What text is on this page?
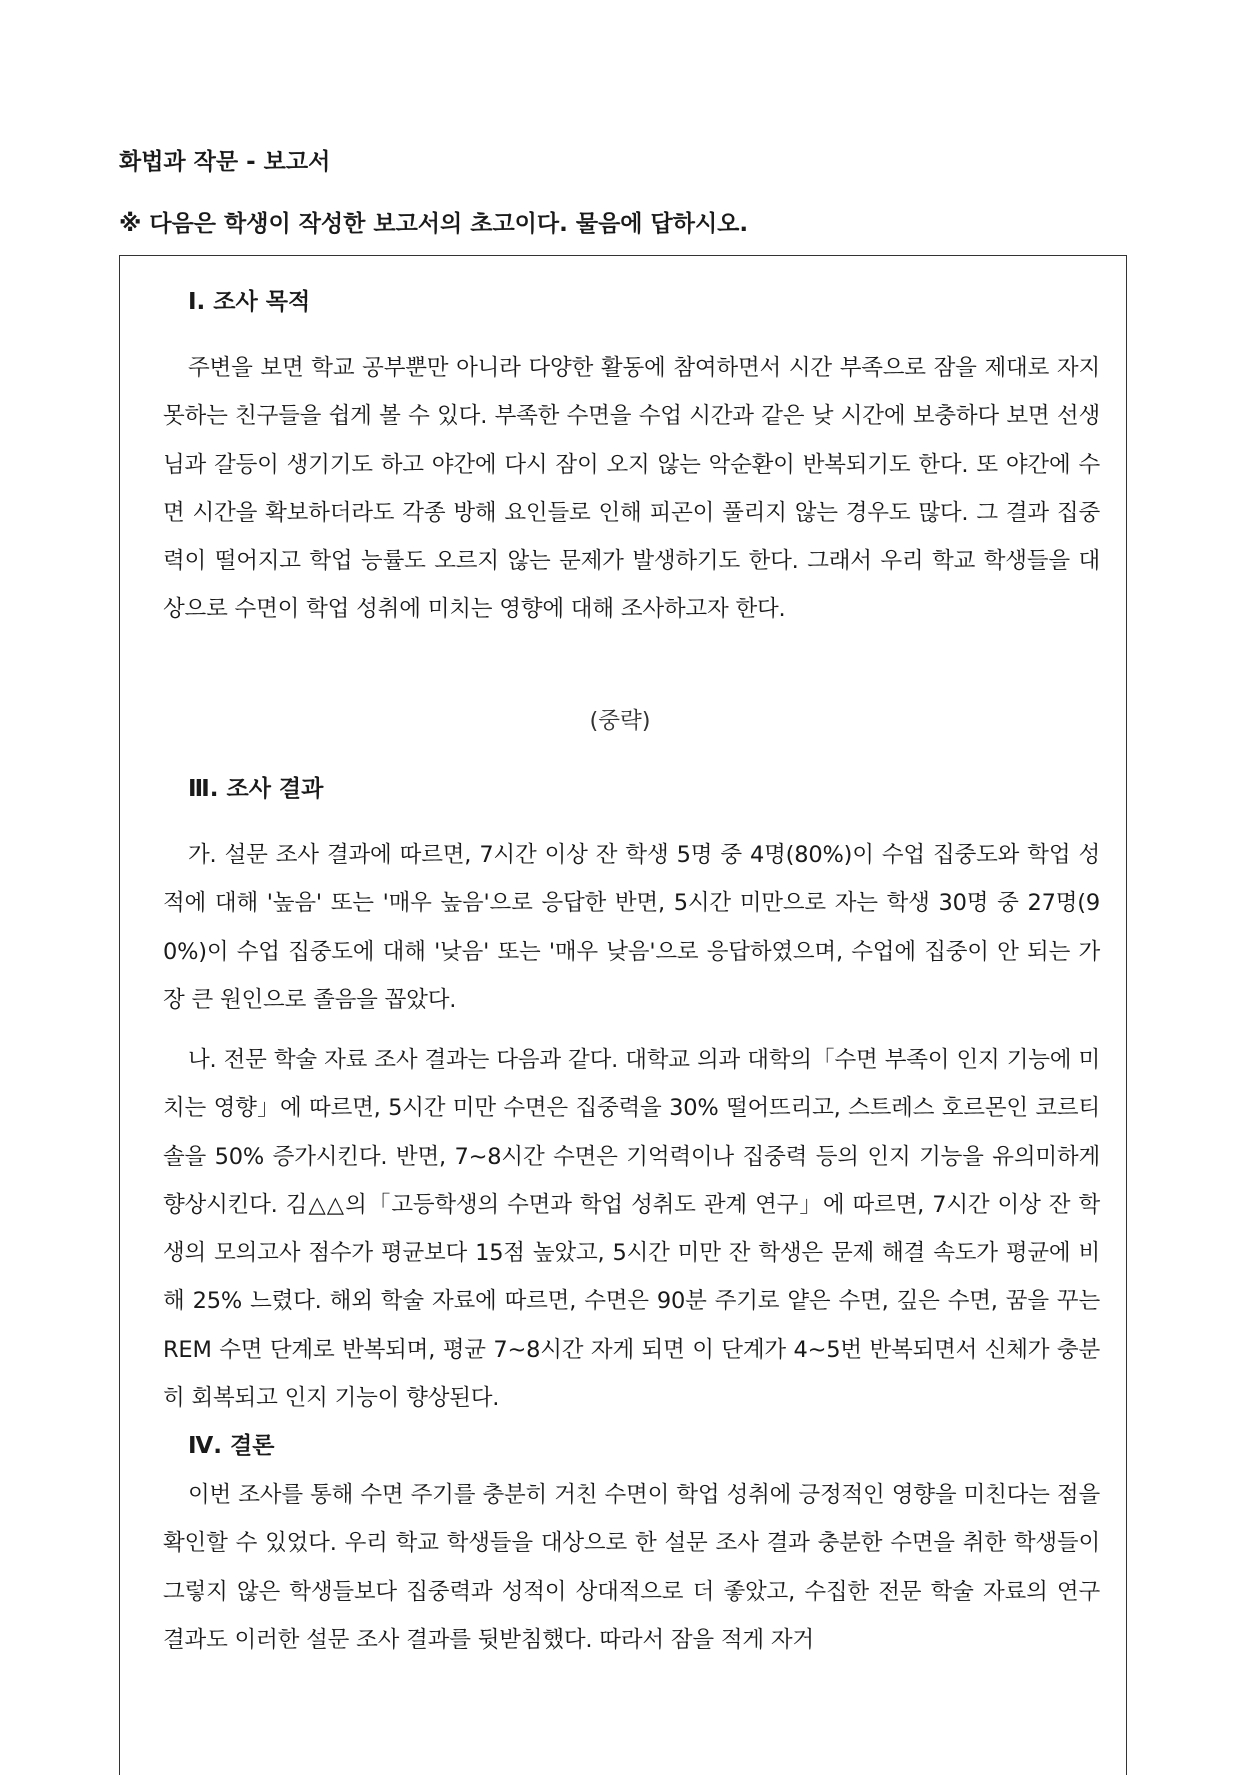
화법과 작문 - 보고서
※ 다음은 학생이 작성한 보고서의 초고이다. 물음에 답하시오.
Ⅰ. 조사 목적
주변을 보면 학교 공부뿐만 아니라 다양한 활동에 참여하면서 시간 부족으로 잠을 제대로 자지 못하는 친구들을 쉽게 볼 수 있다. 부족한 수면을 수업 시간과 같은 낮 시간에 보충하다 보면 선생님과 갈등이 생기기도 하고 야간에 다시 잠이 오지 않는 악순환이 반복되기도 한다. 또 야간에 수면 시간을 확보하더라도 각종 방해 요인들로 인해 피곤이 풀리지 않는 경우도 많다. 그 결과 집중력이 떨어지고 학업 능률도 오르지 않는 문제가 발생하기도 한다. 그래서 우리 학교 학생들을 대상으로 수면이 학업 성취에 미치는 영향에 대해 조사하고자 한다.
(중략)
Ⅲ. 조사 결과
가. 설문 조사 결과에 따르면, 7시간 이상 잔 학생 5명 중 4명(80%)이 수업 집중도와 학업 성적에 대해 '높음' 또는 '매우 높음'으로 응답한 반면, 5시간 미만으로 자는 학생 30명 중 27명(90%)이 수업 집중도에 대해 '낮음' 또는 '매우 낮음'으로 응답하였으며, 수업에 집중이 안 되는 가장 큰 원인으로 졸음을 꼽았다.
나. 전문 학술 자료 조사 결과는 다음과 같다. 대학교 의과 대학의「수면 부족이 인지 기능에 미치는 영향」에 따르면, 5시간 미만 수면은 집중력을 30% 떨어뜨리고, 스트레스 호르몬인 코르티솔을 50% 증가시킨다. 반면, 7~8시간 수면은 기억력이나 집중력 등의 인지 기능을 유의미하게 향상시킨다. 김△△의「고등학생의 수면과 학업 성취도 관계 연구」에 따르면, 7시간 이상 잔 학생의 모의고사 점수가 평균보다 15점 높았고, 5시간 미만 잔 학생은 문제 해결 속도가 평균에 비해 25% 느렸다. 해외 학술 자료에 따르면, 수면은 90분 주기로 얕은 수면, 깊은 수면, 꿈을 꾸는 REM 수면 단계로 반복되며, 평균 7~8시간 자게 되면 이 단계가 4~5번 반복되면서 신체가 충분히 회복되고 인지 기능이 향상된다.
Ⅳ. 결론
이번 조사를 통해 수면 주기를 충분히 거친 수면이 학업 성취에 긍정적인 영향을 미친다는 점을 확인할 수 있었다. 우리 학교 학생들을 대상으로 한 설문 조사 결과 충분한 수면을 취한 학생들이 그렇지 않은 학생들보다 집중력과 성적이 상대적으로 더 좋았고, 수집한 전문 학술 자료의 연구 결과도 이러한 설문 조사 결과를 뒷받침했다. 따라서 잠을 적게 자거
